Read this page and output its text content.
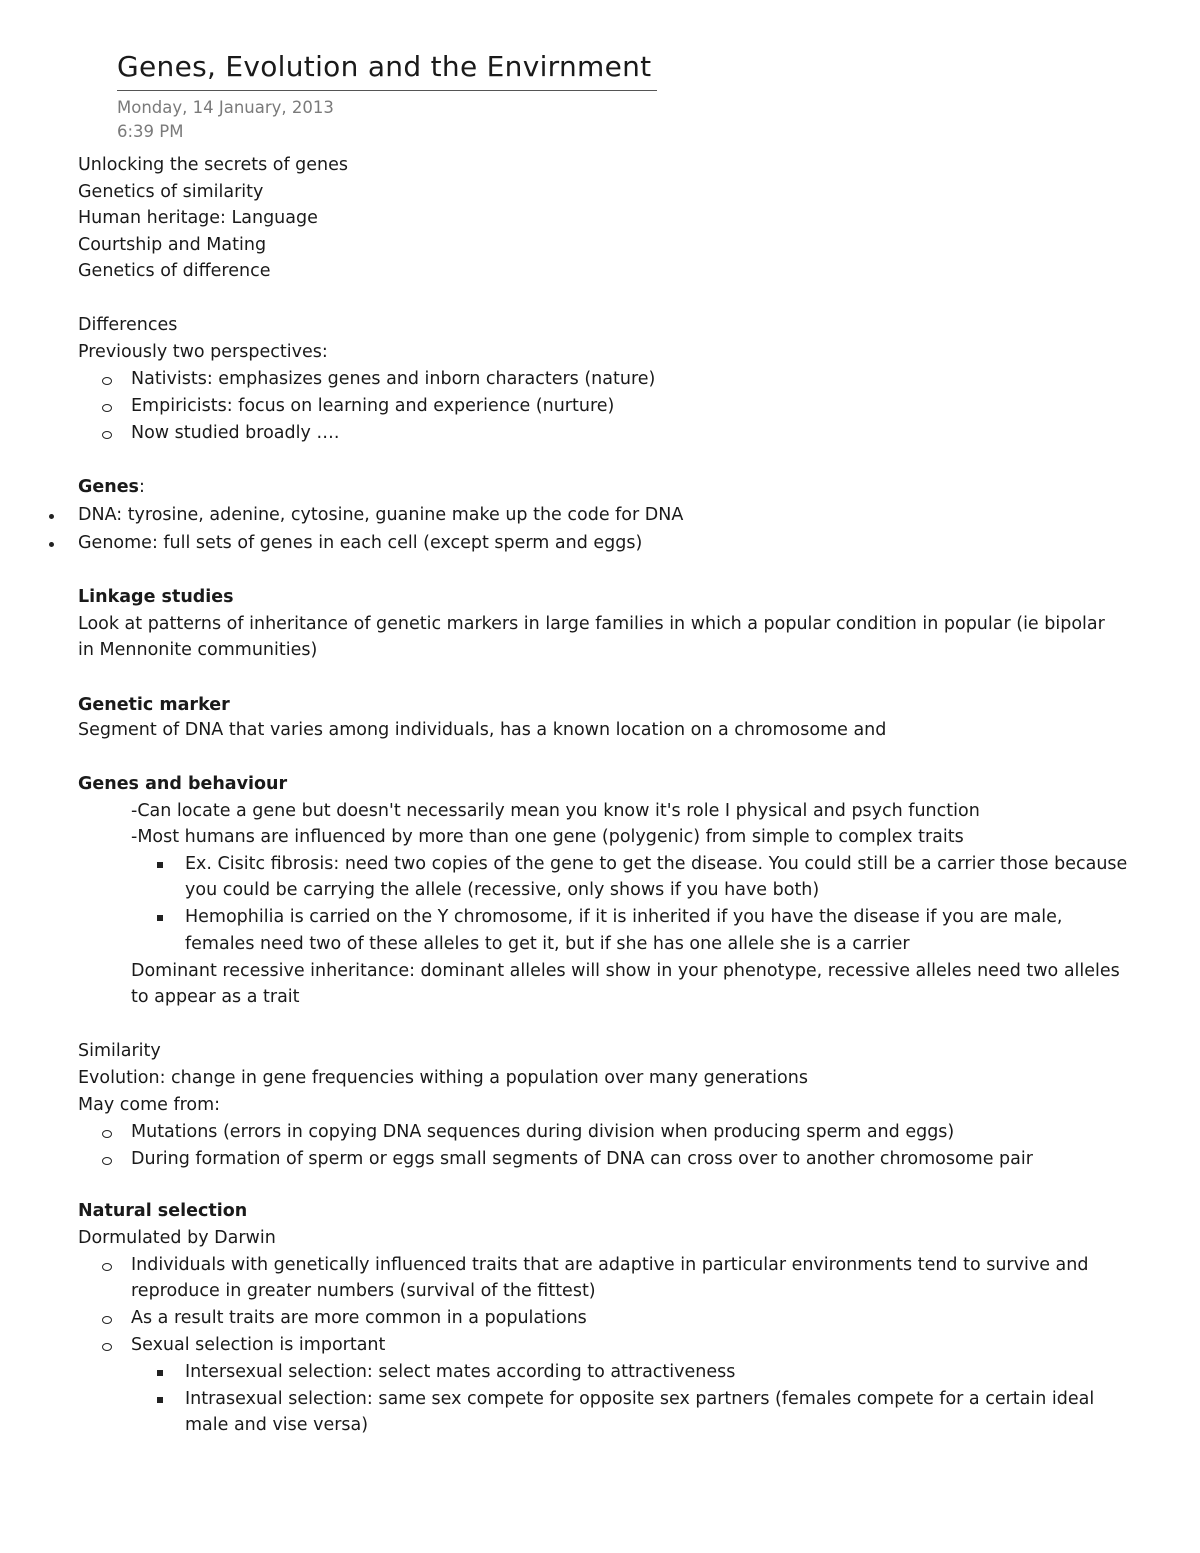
Genes, Evolution and the Envirnment
Monday, 14 January, 2013
6:39 PM
Unlocking the secrets of genes
Genetics of similarity
Human heritage: Language
Courtship and Mating
Genetics of difference
Differences
Previously two perspectives:
Nativists: emphasizes genes and inborn characters (nature)
Empiricists: focus on learning and experience (nurture)
Now studied broadly ….
Genes:
DNA: tyrosine, adenine, cytosine, guanine make up the code for DNA
Genome: full sets of genes in each cell (except sperm and eggs)
Linkage studies
Look at patterns of inheritance of genetic markers in large families in which a popular condition in popular (ie bipolar
in Mennonite communities)
Genetic marker
Segment of DNA that varies among individuals, has a known location on a chromosome and
Genes and behaviour
-Can locate a gene but doesn't necessarily mean you know it's role I physical and psych function
-Most humans are influenced by more than one gene (polygenic) from simple to complex traits
Ex. Cisitc fibrosis: need two copies of the gene to get the disease. You could still be a carrier those because
you could be carrying the allele (recessive, only shows if you have both)
Hemophilia is carried on the Y chromosome, if it is inherited if you have the disease if you are male,
females need two of these alleles to get it, but if she has one allele she is a carrier
Dominant recessive inheritance: dominant alleles will show in your phenotype, recessive alleles need two alleles
to appear as a trait
Similarity
Evolution: change in gene frequencies withing a population over many generations
May come from:
Mutations (errors in copying DNA sequences during division when producing sperm and eggs)
During formation of sperm or eggs small segments of DNA can cross over to another chromosome pair
Natural selection
Dormulated by Darwin
Individuals with genetically influenced traits that are adaptive in particular environments tend to survive and
reproduce in greater numbers (survival of the fittest)
As a result traits are more common in a populations
Sexual selection is important
Intersexual selection: select mates according to attractiveness
Intrasexual selection: same sex compete for opposite sex partners (females compete for a certain ideal
male and vise versa)
